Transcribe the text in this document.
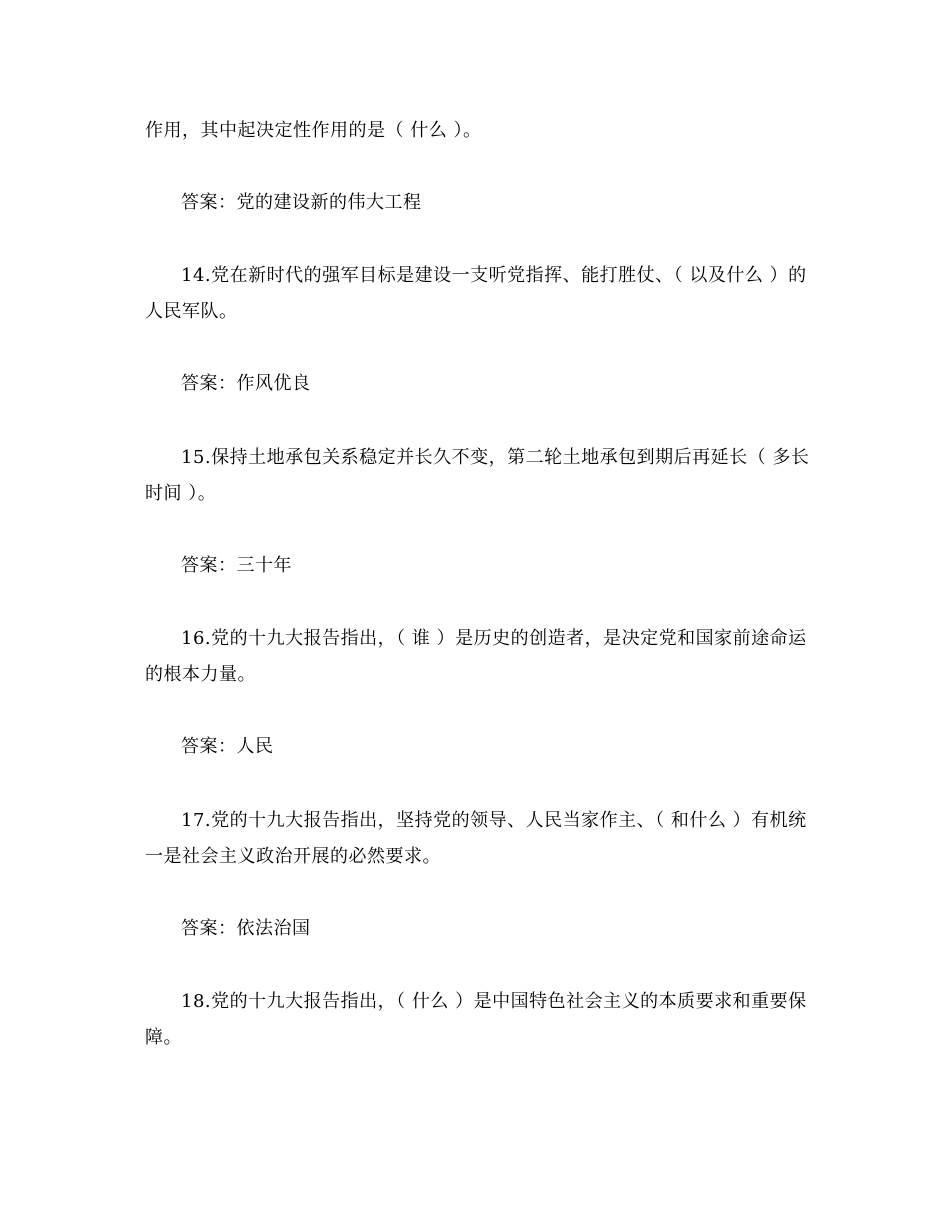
作用，其中起决定性作用的是（ 什么 ）。
答案：党的建设新的伟大工程
14.党在新时代的强军目标是建设一支听党指挥、能打胜仗、（ 以及什么 ）的
人民军队。
答案：作风优良
15.保持土地承包关系稳定并长久不变，第二轮土地承包到期后再延长（ 多长
时间 ）。
答案：三十年
16.党的十九大报告指出，（ 谁 ）是历史的创造者，是决定党和国家前途命运
的根本力量。
答案：人民
17.党的十九大报告指出，坚持党的领导、人民当家作主、（ 和什么 ）有机统
一是社会主义政治开展的必然要求。
答案：依法治国
18.党的十九大报告指出，（ 什么 ）是中国特色社会主义的本质要求和重要保
障。
